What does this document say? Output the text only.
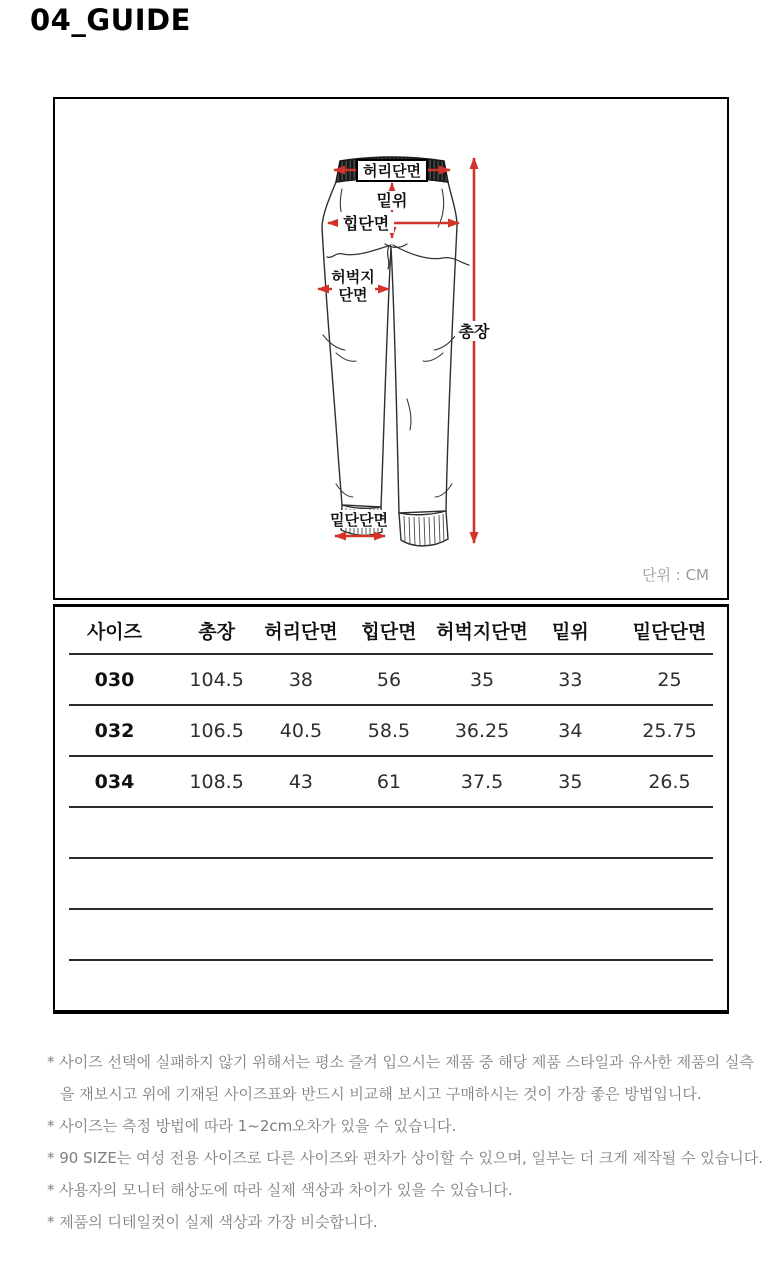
04_GUIDE
허리단면
밑위
힙단면
허벅지
단면
총장
밑단단면
단위 : CM
사이즈	총장	허리단면	힙단면	허벅지단면	밑위	밑단단면
030	104.5	38	56	35	33	25
032	106.5	40.5	58.5	36.25	34	25.75
034	108.5	43	61	37.5	35	26.5
* 사이즈 선택에 실패하지 않기 위해서는 평소 즐겨 입으시는 제품 중 해당 제품 스타일과 유사한 제품의 실측을 재보시고 위에 기재된 사이즈표와 반드시 비교해 보시고 구매하시는 것이 가장 좋은 방법입니다.
* 사이즈는 측정 방법에 따라 1~2cm오차가 있을 수 있습니다.
* 90 SIZE는 여성 전용 사이즈로 다른 사이즈와 편차가 상이할 수 있으며, 일부는 더 크게 제작될 수 있습니다.
* 사용자의 모니터 해상도에 따라 실제 색상과 차이가 있을 수 있습니다.
* 제품의 디테일컷이 실제 색상과 가장 비슷합니다.
